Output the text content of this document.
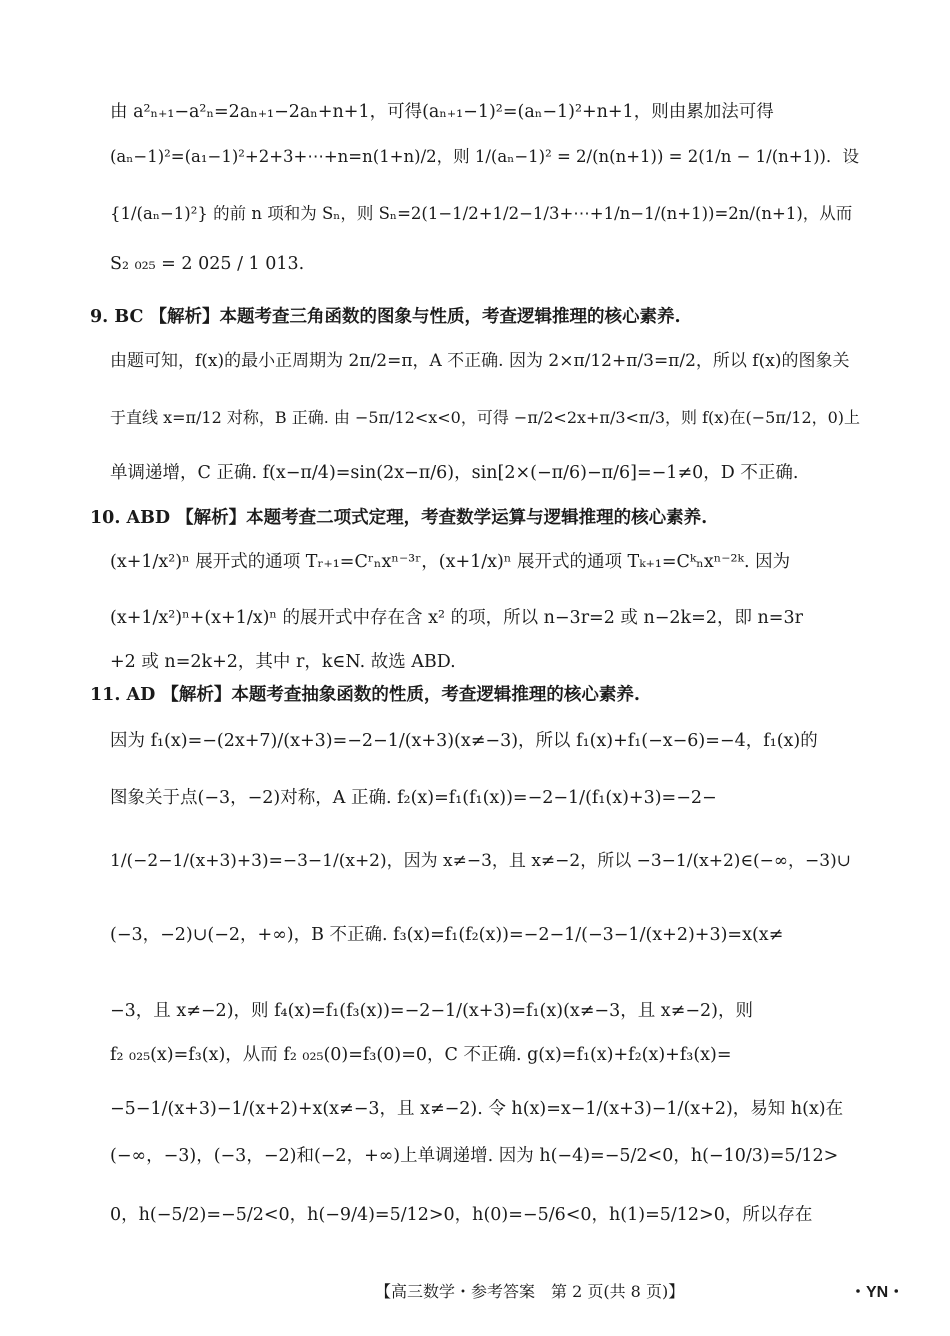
由 a²ₙ₊₁−a²ₙ=2aₙ₊₁−2aₙ+n+1，可得(aₙ₊₁−1)²=(aₙ−1)²+n+1，则由累加法可得
(aₙ−1)²=(a₁−1)²+2+3+⋯+n=n(1+n)/2，则 1/(aₙ−1)² = 2/(n(n+1)) = 2(1/n − 1/(n+1))．设
{1/(aₙ−1)²} 的前 n 项和为 Sₙ，则 Sₙ=2(1−1/2+1/2−1/3+⋯+1/n−1/(n+1))=2n/(n+1)，从而
S₂ ₀₂₅ = 2 025 / 1 013.
9. BC 【解析】本题考查三角函数的图象与性质，考查逻辑推理的核心素养.
由题可知，f(x)的最小正周期为 2π/2=π，A 不正确. 因为 2×π/12+π/3=π/2，所以 f(x)的图象关
于直线 x=π/12 对称，B 正确. 由 −5π/12<x<0，可得 −π/2<2x+π/3<π/3，则 f(x)在(−5π/12，0)上
单调递增，C 正确. f(x−π/4)=sin(2x−π/6)，sin[2×(−π/6)−π/6]=−1≠0，D 不正确.
10. ABD 【解析】本题考查二项式定理，考查数学运算与逻辑推理的核心素养.
(x+1/x²)ⁿ 展开式的通项 Tᵣ₊₁=Cʳₙxⁿ⁻³ʳ，(x+1/x)ⁿ 展开式的通项 Tₖ₊₁=Cᵏₙxⁿ⁻²ᵏ. 因为
(x+1/x²)ⁿ+(x+1/x)ⁿ 的展开式中存在含 x² 的项，所以 n−3r=2 或 n−2k=2，即 n=3r
+2 或 n=2k+2，其中 r，k∈N. 故选 ABD.
11. AD 【解析】本题考查抽象函数的性质，考查逻辑推理的核心素养.
因为 f₁(x)=−(2x+7)/(x+3)=−2−1/(x+3)(x≠−3)，所以 f₁(x)+f₁(−x−6)=−4，f₁(x)的
图象关于点(−3，−2)对称，A 正确. f₂(x)=f₁(f₁(x))=−2−1/(f₁(x)+3)=−2−
1/(−2−1/(x+3)+3)=−3−1/(x+2)，因为 x≠−3，且 x≠−2，所以 −3−1/(x+2)∈(−∞，−3)∪
(−3，−2)∪(−2，+∞)，B 不正确. f₃(x)=f₁(f₂(x))=−2−1/(−3−1/(x+2)+3)=x(x≠
−3，且 x≠−2)，则 f₄(x)=f₁(f₃(x))=−2−1/(x+3)=f₁(x)(x≠−3，且 x≠−2)，则
f₂ ₀₂₅(x)=f₃(x)，从而 f₂ ₀₂₅(0)=f₃(0)=0，C 不正确. g(x)=f₁(x)+f₂(x)+f₃(x)=
−5−1/(x+3)−1/(x+2)+x(x≠−3，且 x≠−2). 令 h(x)=x−1/(x+3)−1/(x+2)，易知 h(x)在
(−∞，−3)，(−3，−2)和(−2，+∞)上单调递增. 因为 h(−4)=−5/2<0，h(−10/3)=5/12>
0，h(−5/2)=−5/2<0，h(−9/4)=5/12>0，h(0)=−5/6<0，h(1)=5/12>0，所以存在
【高三数学・参考答案　第 2 页(共 8 页)】	・YN・
